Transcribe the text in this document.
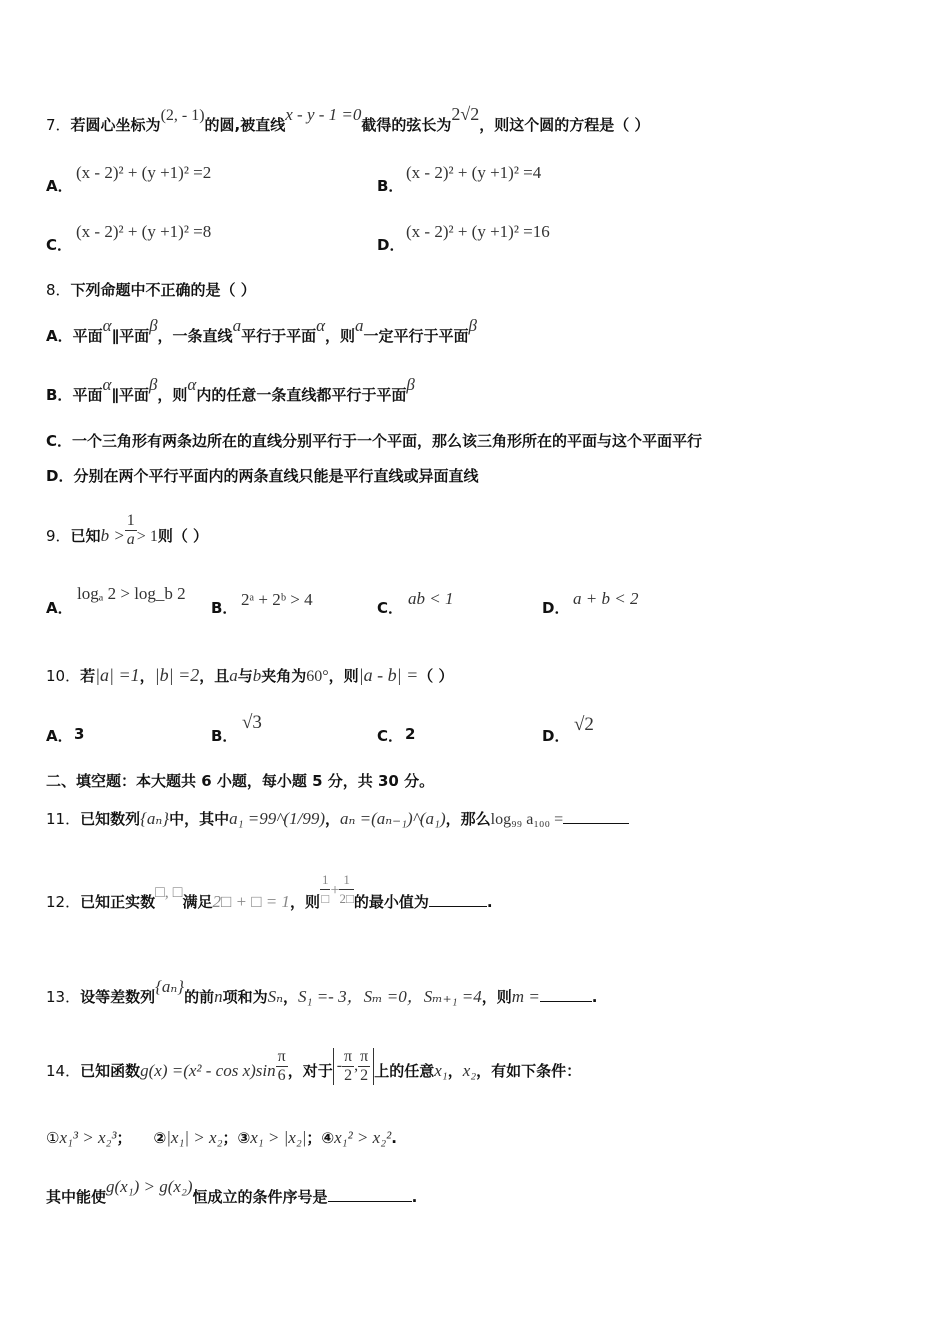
7．若圆心坐标为(2, - 1)的圆,被直线x - y - 1 =0截得的弦长为2√2，则这个圆的方程是（ ）
A．
(x - 2)² + (y +1)² =2
B．
(x - 2)² + (y +1)² =4
C．
(x - 2)² + (y +1)² =8
D．
(x - 2)² + (y +1)² =16
8．下列命题中不正确的是（ ）
A．平面α∥平面β，一条直线a平行于平面α，则a一定平行于平面β
B．平面α∥平面β，则α内的任意一条直线都平行于平面β
C．一个三角形有两条边所在的直线分别平行于一个平面，那么该三角形所在的平面与这个平面平行
D．分别在两个平行平面内的两条直线只能是平行直线或异面直线
9．已知$b > \frac{1}{a} > 1$则（ ）
A．
logₐ 2 > log_b 2
B． 2ᵃ + 2ᵇ > 4	C． ab < 1	D． a + b < 2
10．若|a| =1，|b| =2，且a与b夹角为60°，则|a - b| =（ ）
A． 3	B．
√3
C． 2	D．
√2
二、填空题：本大题共 6 小题，每小题 5 分，共 30 分。
11．已知数列{aₙ}中，其中a₁ =99^(1/99)，aₙ =(aₙ₋₁)^(a₁)，那么log₉₉ a₁₀₀ =
12．已知正实数□, □满足2□ + □ = 1，则 $\frac{1}{□} + \frac{1}{2□}$ 的最小值为	.
13．设等差数列{aₙ}的前n项和为Sₙ，S₁ =- 3，Sₘ =0，Sₘ₊₁ =4，则m =	.
14．已知函数$g(x) =(x^2 - \cos x)\sin \frac{\pi}{6}$ ，对于 - $\frac{\pi}{2}$ , $\frac{\pi}{2}$ 上的任意x₁，x₂，有如下条件：
①x₁³ > x₂³； ②|x₁| > x₂；③x₁ > |x₂|；④x₁² > x₂².
其中能使g(x₁) > g(x₂)恒成立的条件序号是	.
